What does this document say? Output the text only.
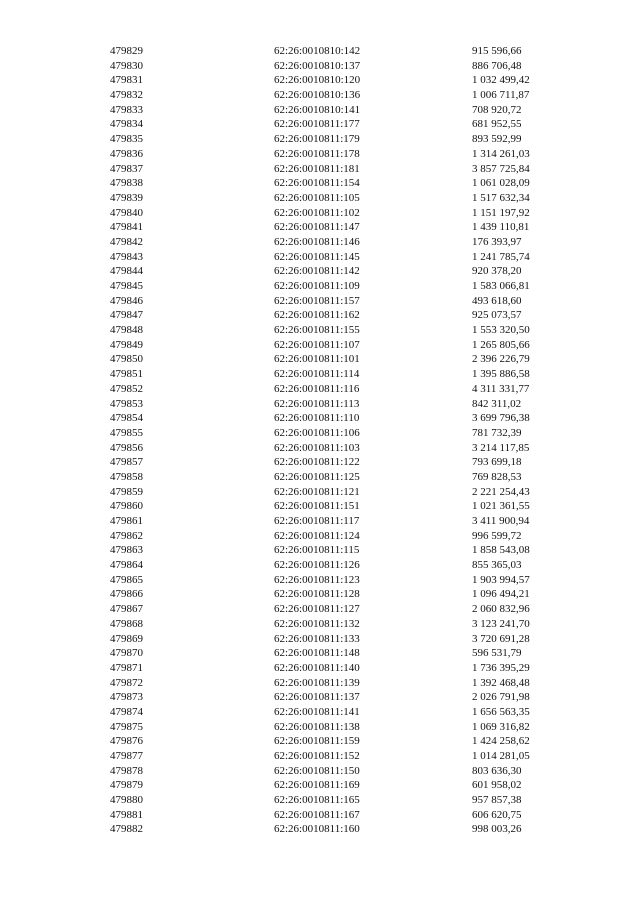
479829	62:26:0010810:142	915 596,66
479830	62:26:0010810:137	886 706,48
479831	62:26:0010810:120	1 032 499,42
479832	62:26:0010810:136	1 006 711,87
479833	62:26:0010810:141	708 920,72
479834	62:26:0010811:177	681 952,55
479835	62:26:0010811:179	893 592,99
479836	62:26:0010811:178	1 314 261,03
479837	62:26:0010811:181	3 857 725,84
479838	62:26:0010811:154	1 061 028,09
479839	62:26:0010811:105	1 517 632,34
479840	62:26:0010811:102	1 151 197,92
479841	62:26:0010811:147	1 439 110,81
479842	62:26:0010811:146	176 393,97
479843	62:26:0010811:145	1 241 785,74
479844	62:26:0010811:142	920 378,20
479845	62:26:0010811:109	1 583 066,81
479846	62:26:0010811:157	493 618,60
479847	62:26:0010811:162	925 073,57
479848	62:26:0010811:155	1 553 320,50
479849	62:26:0010811:107	1 265 805,66
479850	62:26:0010811:101	2 396 226,79
479851	62:26:0010811:114	1 395 886,58
479852	62:26:0010811:116	4 311 331,77
479853	62:26:0010811:113	842 311,02
479854	62:26:0010811:110	3 699 796,38
479855	62:26:0010811:106	781 732,39
479856	62:26:0010811:103	3 214 117,85
479857	62:26:0010811:122	793 699,18
479858	62:26:0010811:125	769 828,53
479859	62:26:0010811:121	2 221 254,43
479860	62:26:0010811:151	1 021 361,55
479861	62:26:0010811:117	3 411 900,94
479862	62:26:0010811:124	996 599,72
479863	62:26:0010811:115	1 858 543,08
479864	62:26:0010811:126	855 365,03
479865	62:26:0010811:123	1 903 994,57
479866	62:26:0010811:128	1 096 494,21
479867	62:26:0010811:127	2 060 832,96
479868	62:26:0010811:132	3 123 241,70
479869	62:26:0010811:133	3 720 691,28
479870	62:26:0010811:148	596 531,79
479871	62:26:0010811:140	1 736 395,29
479872	62:26:0010811:139	1 392 468,48
479873	62:26:0010811:137	2 026 791,98
479874	62:26:0010811:141	1 656 563,35
479875	62:26:0010811:138	1 069 316,82
479876	62:26:0010811:159	1 424 258,62
479877	62:26:0010811:152	1 014 281,05
479878	62:26:0010811:150	803 636,30
479879	62:26:0010811:169	601 958,02
479880	62:26:0010811:165	957 857,38
479881	62:26:0010811:167	606 620,75
479882	62:26:0010811:160	998 003,26
